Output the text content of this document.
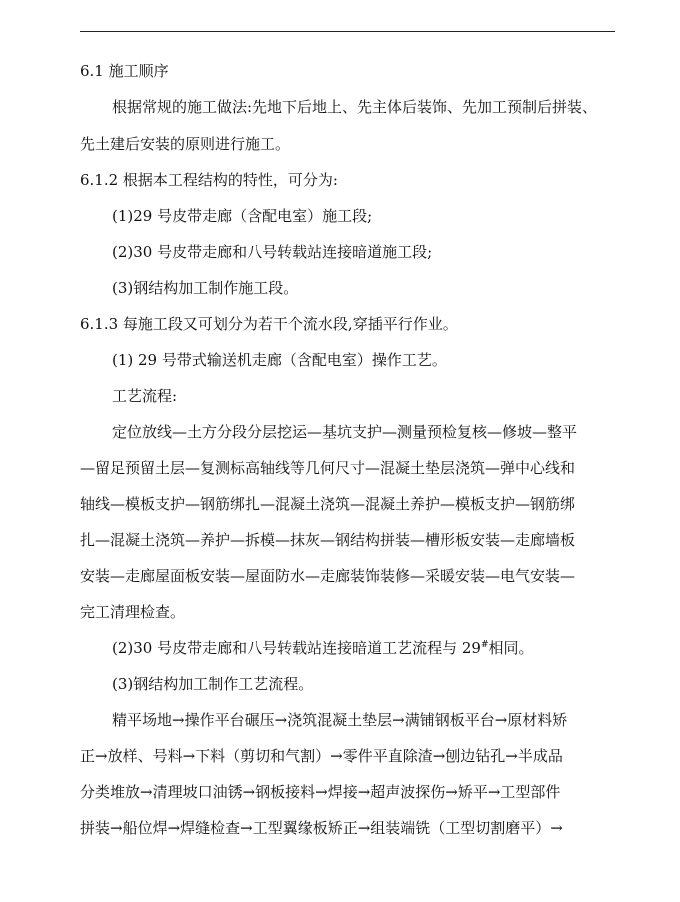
6.1 施工顺序
根据常规的施工做法:先地下后地上、先主体后装饰、先加工预制后拼装、
先土建后安装的原则进行施工。
6.1.2 根据本工程结构的特性，可分为:
(1)29 号皮带走廊（含配电室）施工段;
(2)30 号皮带走廊和八号转载站连接暗道施工段;
(3)钢结构加工制作施工段。
6.1.3 每施工段又可划分为若干个流水段,穿插平行作业。
(1) 29 号带式输送机走廊（含配电室）操作工艺。
工艺流程:
定位放线—土方分段分层挖运—基坑支护—测量预检复核—修坡—整平
—留足预留土层—复测标高轴线等几何尺寸—混凝土垫层浇筑—弹中心线和
轴线—模板支护—钢筋绑扎—混凝土浇筑—混凝土养护—模板支护—钢筋绑
扎—混凝土浇筑—养护—拆模—抹灰—钢结构拼装—槽形板安装—走廊墙板
安装—走廊屋面板安装—屋面防水—走廊装饰装修—采暖安装—电气安装—
完工清理检查。
(2)30 号皮带走廊和八号转载站连接暗道工艺流程与 29#相同。
(3)钢结构加工制作工艺流程。
精平场地→操作平台碾压→浇筑混凝土垫层→满铺钢板平台→原材料矫
正→放样、号料→下料（剪切和气割）→零件平直除渣→刨边钻孔→半成品
分类堆放→清理坡口油锈→钢板接料→焊接→超声波探伤→矫平→工型部件
拼装→船位焊→焊缝检查→工型翼缘板矫正→组装端铣（工型切割磨平）→
